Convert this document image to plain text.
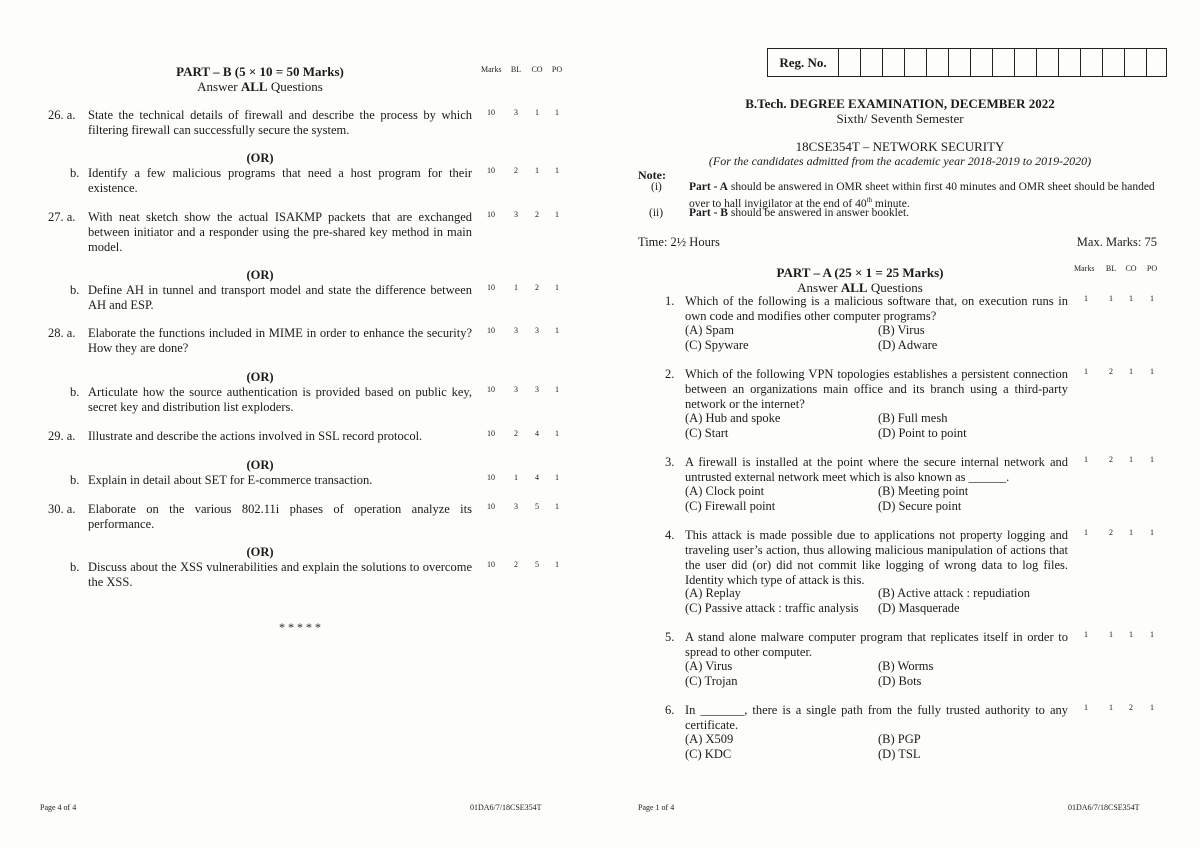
PART – B (5 × 10 = 50 Marks)
Answer ALL Questions
Marks	BL	CO	PO
26. a. State the technical details of firewall and describe the process by which filtering firewall can successfully secure the system.
10	3	1	1
(OR)
b. Identify a few malicious programs that need a host program for their existence.
10	2	1	1
27. a. With neat sketch show the actual ISAKMP packets that are exchanged between initiator and a responder using the pre-shared key method in main model.
10	3	2	1
(OR)
b. Define AH in tunnel and transport model and state the difference between AH and ESP.
10	1	2	1
28. a. Elaborate the functions included in MIME in order to enhance the security? How they are done?
10	3	3	1
(OR)
b. Articulate how the source authentication is provided based on public key, secret key and distribution list exploders.
10	3	3	1
29. a. Illustrate and describe the actions involved in SSL record protocol.	10	2	4	1
(OR)
b. Explain in detail about SET for E-commerce transaction.	10	1	4	1
30. a. Elaborate on the various 802.11i phases of operation analyze its performance.
10	3	5	1
(OR)
b. Discuss about the XSS vulnerabilities and explain the solutions to overcome the XSS.
10	2	5	1
* * * * *
Page 4 of 4	01DA6/7/18CSE354T
Reg. No.
B.Tech. DEGREE EXAMINATION, DECEMBER 2022
Sixth/ Seventh Semester
18CSE354T – NETWORK SECURITY
(For the candidates admitted from the academic year 2018-2019 to 2019-2020)
Note:
(i) Part - A should be answered in OMR sheet within first 40 minutes and OMR sheet should be handed over to hall invigilator at the end of 40th minute.
(ii) Part - B should be answered in answer booklet.
Time: 2½ Hours	Max. Marks: 75
PART – A (25 × 1 = 25 Marks)
Answer ALL Questions
Marks	BL	CO	PO
1. Which of the following is a malicious software that, on execution runs in own code and modifies other computer programs?
(A) Spam	(B) Virus
(C) Spyware	(D) Adware
1	1	1	1
2. Which of the following VPN topologies establishes a persistent connection between an organizations main office and its branch using a third-party network or the internet?
(A) Hub and spoke	(B) Full mesh
(C) Start	(D) Point to point
1	2	1	1
3. A firewall is installed at the point where the secure internal network and untrusted external network meet which is also known as ______.
(A) Clock point	(B) Meeting point
(C) Firewall point	(D) Secure point
1	2	1	1
4. This attack is made possible due to applications not property logging and traveling user’s action, thus allowing malicious manipulation of actions that the user did (or) did not commit like logging of wrong data to log files. Identity which type of attack is this.
(A) Replay	(B) Active attack : repudiation
(C) Passive attack : traffic analysis (D) Masquerade
1	2	1	1
5. A stand alone malware computer program that replicates itself in order to spread to other computer.
(A) Virus	(B) Worms
(C) Trojan	(D) Bots
1	1	1	1
6. In _______, there is a single path from the fully trusted authority to any certificate.
(A) X509	(B) PGP
(C) KDC	(D) TSL
1	1	2	1
Page 1 of 4	01DA6/7/18CSE354T
